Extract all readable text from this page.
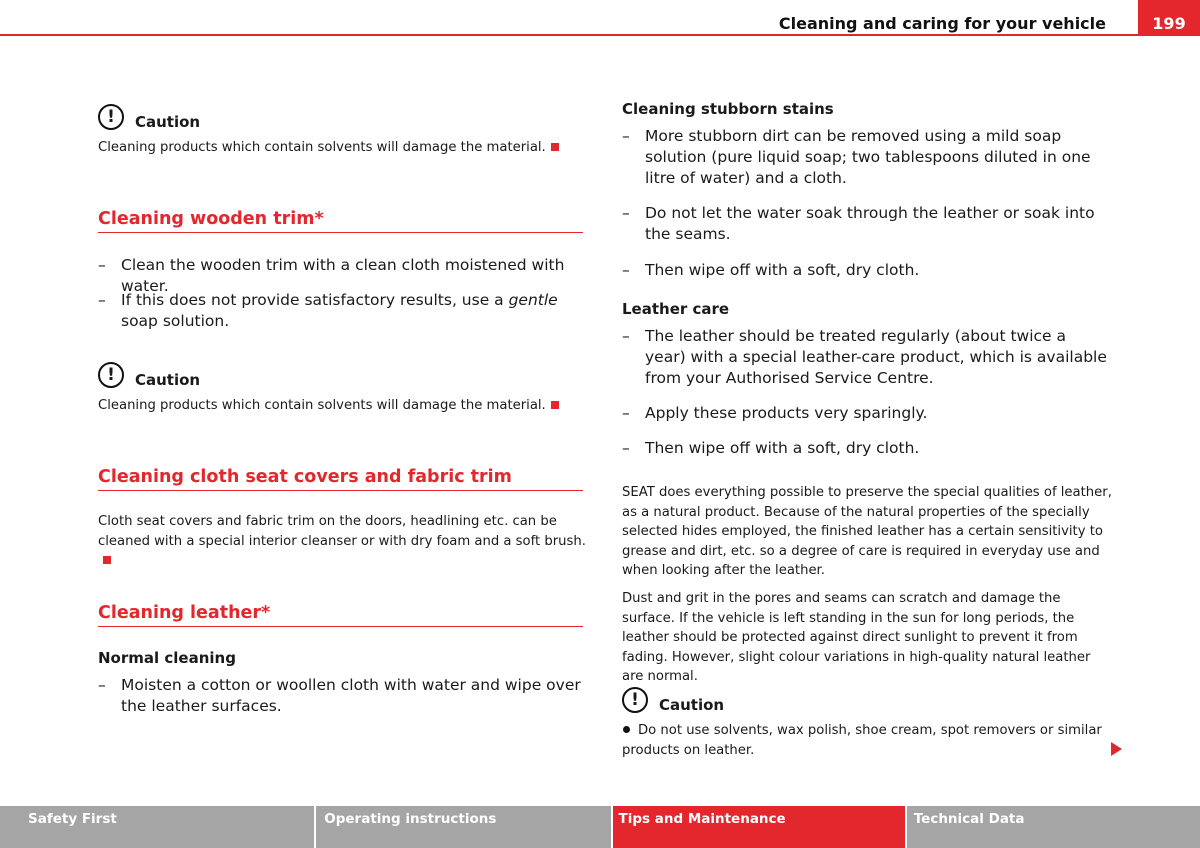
Cleaning and caring for your vehicle	199
!	Caution
Cleaning products which contain solvents will damage the material.
Cleaning wooden trim*
– Clean the wooden trim with a clean cloth moistened with water.
– If this does not provide satisfactory results, use a gentle soap solution.
!	Caution
Cleaning products which contain solvents will damage the material.
Cleaning cloth seat covers and fabric trim
Cloth seat covers and fabric trim on the doors, headlining etc. can be cleaned with a special interior cleanser or with dry foam and a soft brush.
Cleaning leather*
Normal cleaning
– Moisten a cotton or woollen cloth with water and wipe over the leather surfaces.
Cleaning stubborn stains
– More stubborn dirt can be removed using a mild soap solution (pure liquid soap; two tablespoons diluted in one litre of water) and a cloth.
– Do not let the water soak through the leather or soak into the seams.
– Then wipe off with a soft, dry cloth.
Leather care
– The leather should be treated regularly (about twice a year) with a special leather-care product, which is available from your Authorised Service Centre.
– Apply these products very sparingly.
– Then wipe off with a soft, dry cloth.
SEAT does everything possible to preserve the special qualities of leather, as a natural product. Because of the natural properties of the specially selected hides employed, the finished leather has a certain sensitivity to grease and dirt, etc. so a degree of care is required in everyday use and when looking after the leather.
Dust and grit in the pores and seams can scratch and damage the surface. If the vehicle is left standing in the sun for long periods, the leather should be protected against direct sunlight to prevent it from fading. However, slight colour variations in high-quality natural leather are normal.
!	Caution
Do not use solvents, wax polish, shoe cream, spot removers or similar products on leather.
Safety First	Operating instructions	Tips and Maintenance	Technical Data
